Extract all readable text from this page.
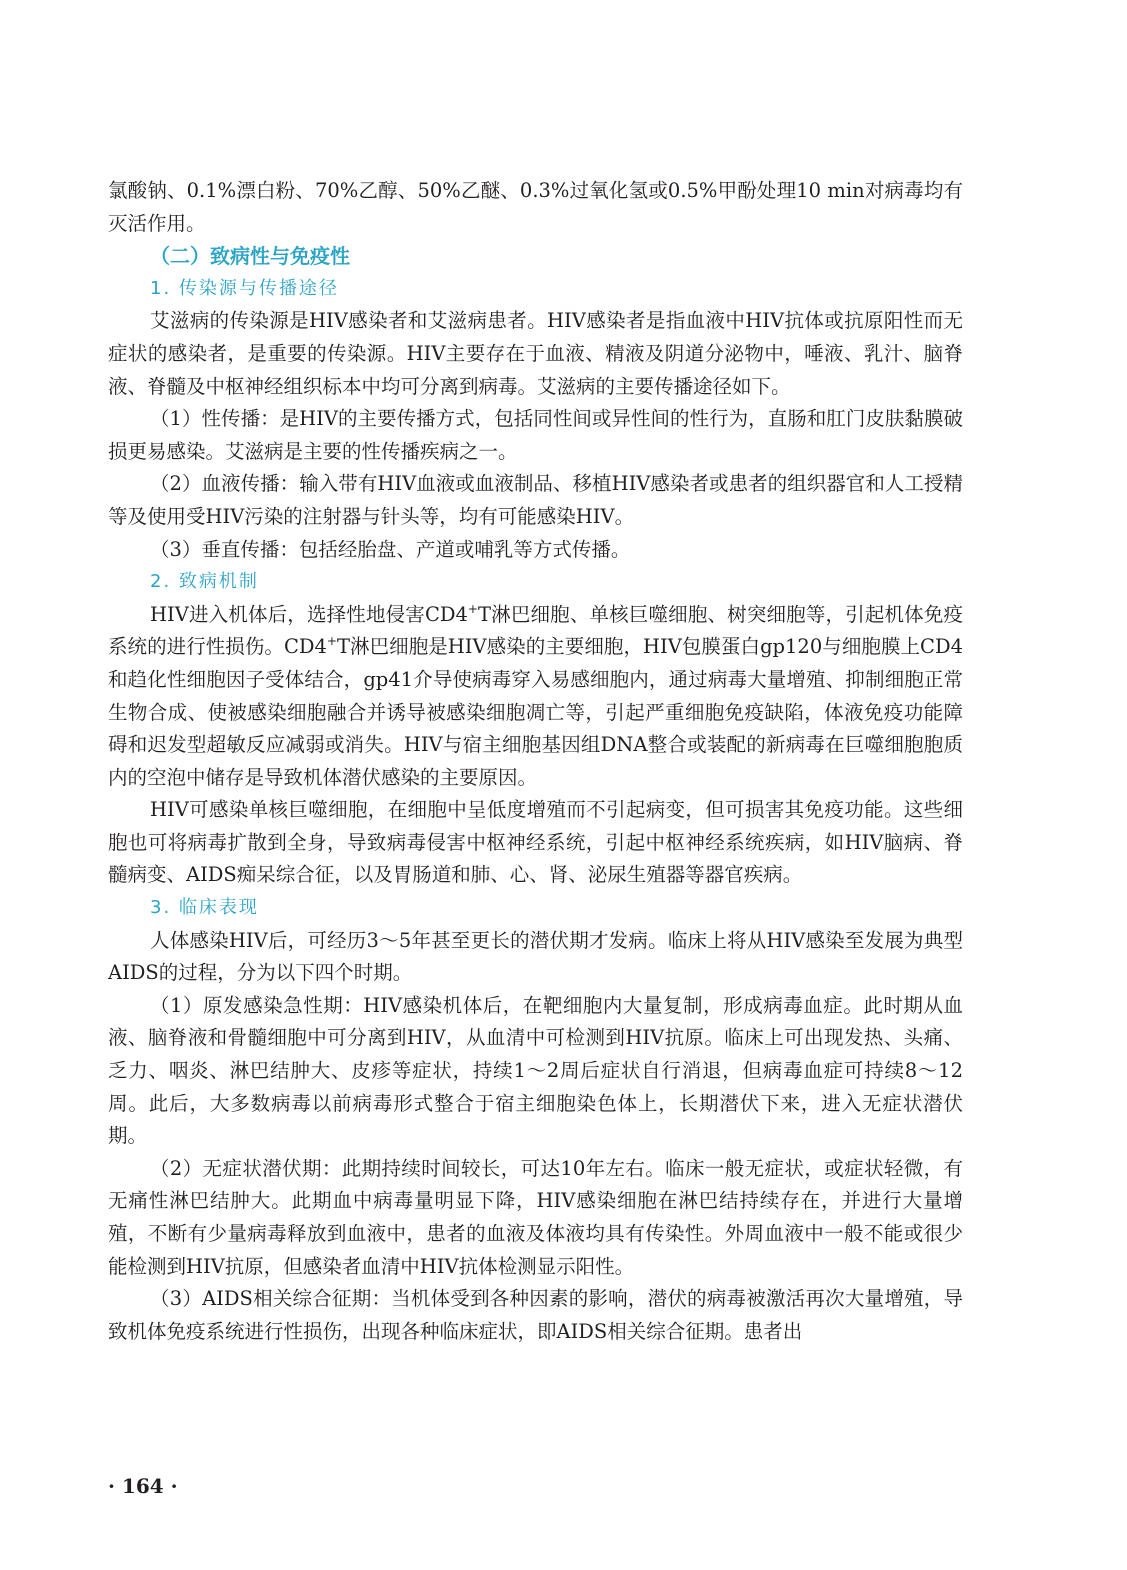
氯酸钠、0.1%漂白粉、70%乙醇、50%乙醚、0.3%过氧化氢或0.5%甲酚处理10 min对病毒均有灭活作用。

（二）致病性与免疫性

1. 传染源与传播途径

艾滋病的传染源是HIV感染者和艾滋病患者。HIV感染者是指血液中HIV抗体或抗原阳性而无症状的感染者，是重要的传染源。HIV主要存在于血液、精液及阴道分泌物中，唾液、乳汁、脑脊液、脊髓及中枢神经组织标本中均可分离到病毒。艾滋病的主要传播途径如下。

（1）性传播：是HIV的主要传播方式，包括同性间或异性间的性行为，直肠和肛门皮肤黏膜破损更易感染。艾滋病是主要的性传播疾病之一。

（2）血液传播：输入带有HIV血液或血液制品、移植HIV感染者或患者的组织器官和人工授精等及使用受HIV污染的注射器与针头等，均有可能感染HIV。

（3）垂直传播：包括经胎盘、产道或哺乳等方式传播。

2. 致病机制

HIV进入机体后，选择性地侵害CD4+T淋巴细胞、单核巨噬细胞、树突细胞等，引起机体免疫系统的进行性损伤。CD4+T淋巴细胞是HIV感染的主要细胞，HIV包膜蛋白gp120与细胞膜上CD4和趋化性细胞因子受体结合，gp41介导使病毒穿入易感细胞内，通过病毒大量增殖、抑制细胞正常生物合成、使被感染细胞融合并诱导被感染细胞凋亡等，引起严重细胞免疫缺陷，体液免疫功能障碍和迟发型超敏反应减弱或消失。HIV与宿主细胞基因组DNA整合或装配的新病毒在巨噬细胞胞质内的空泡中储存是导致机体潜伏感染的主要原因。

HIV可感染单核巨噬细胞，在细胞中呈低度增殖而不引起病变，但可损害其免疫功能。这些细胞也可将病毒扩散到全身，导致病毒侵害中枢神经系统，引起中枢神经系统疾病，如HIV脑病、脊髓病变、AIDS痴呆综合征，以及胃肠道和肺、心、肾、泌尿生殖器等器官疾病。

3. 临床表现

人体感染HIV后，可经历3～5年甚至更长的潜伏期才发病。临床上将从HIV感染至发展为典型AIDS的过程，分为以下四个时期。

（1）原发感染急性期：HIV感染机体后，在靶细胞内大量复制，形成病毒血症。此时期从血液、脑脊液和骨髓细胞中可分离到HIV，从血清中可检测到HIV抗原。临床上可出现发热、头痛、乏力、咽炎、淋巴结肿大、皮疹等症状，持续1～2周后症状自行消退，但病毒血症可持续8～12周。此后，大多数病毒以前病毒形式整合于宿主细胞染色体上，长期潜伏下来，进入无症状潜伏期。

（2）无症状潜伏期：此期持续时间较长，可达10年左右。临床一般无症状，或症状轻微，有无痛性淋巴结肿大。此期血中病毒量明显下降，HIV感染细胞在淋巴结持续存在，并进行大量增殖，不断有少量病毒释放到血液中，患者的血液及体液均具有传染性。外周血液中一般不能或很少能检测到HIV抗原，但感染者血清中HIV抗体检测显示阳性。

（3）AIDS相关综合征期：当机体受到各种因素的影响，潜伏的病毒被激活再次大量增殖，导致机体免疫系统进行性损伤，出现各种临床症状，即AIDS相关综合征期。患者出

· 164 ·
